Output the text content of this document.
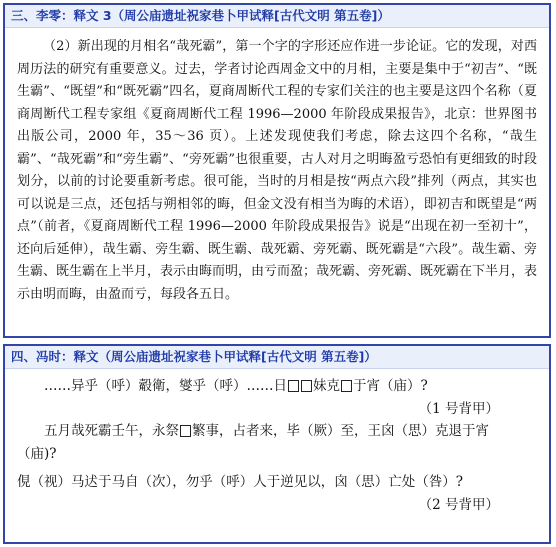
三、李零：释文 3（周公庙遗址祝家巷卜甲试释[古代文明 第五卷]）

（2）新出现的月相名“哉死霸”，第一个字的字形还应作进一步论证。它的发现，对西周历法的研究有重要意义。过去，学者讨论西周金文中的月相，主要是集中于“初吉”、“既生霸”、“既望”和“既死霸”四名，夏商周断代工程的专家们关注的也主要是这四个名称（夏商周断代工程专家组《夏商周断代工程 1996—2000 年阶段成果报告》，北京：世界图书出版公司，2000 年，35～36 页）。上述发现使我们考虑，除去这四个名称，“哉生霸”、“哉死霸”和“旁生霸”、“旁死霸”也很重要，古人对月之明晦盈亏恐怕有更细致的时段划分，以前的讨论要重新考虑。很可能，当时的月相是按“两点六段”排列（两点，其实也可以说是三点，还包括与朔相邻的晦，但金文没有相当为晦的术语），即初吉和既望是“两点”（前者，《夏商周断代工程 1996—2000 年阶段成果报告》说是“出现在初一至初十”，还向后延伸），哉生霸、旁生霸、既生霸、哉死霸、旁死霸、既死霸是“六段”。哉生霸、旁生霸、既生霸在上半月，表示由晦而明，由亏而盈；哉死霸、旁死霸、既死霸在下半月，表示由明而晦，由盈而亏，每段各五日。

四、冯时：释文（周公庙遗址祝家巷卜甲试释[古代文明 第五卷]）
……异乎（呼）觳衛，燮乎（呼）……日 妹克 于宵（庙）?
（1 号背甲）
五月哉死霸壬午，永祭 繁事，占者来，毕（厥）至，王囟（思）克退于宵
（庙)?
俔（视）马迖于马自（次），勿乎（呼）人于逆见以，囟（思）亡处（咎）?
（2 号背甲）
